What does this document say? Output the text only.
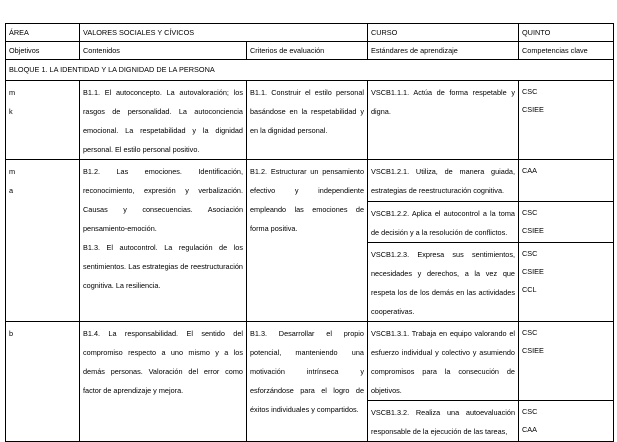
ÁREA	VALORES SOCIALES Y CÍVICOS		CURSO	QUINTO
Objetivos	Contenidos	Criterios de evaluación	Estándares de aprendizaje	Competencias clave
BLOQUE 1. LA IDENTIDAD Y LA DIGNIDAD DE LA PERSONA				

m
k	B1.1. El autoconcepto. La autovaloración; los rasgos de personalidad. La autoconciencia emocional. La respetabilidad y la dignidad personal. El estilo personal positivo.	B1.1. Construir el estilo personal basándose en la respetabilidad y en la dignidad personal.	VSCB1.1.1. Actúa de forma respetable y digna.	CSC
CSIEE

m
a	B1.2. Las emociones. Identificación, reconocimiento, expresión y verbalización. Causas y consecuencias. Asociación pensamiento-emoción.
B1.3. El autocontrol. La regulación de los sentimientos. Las estrategias de reestructuración cognitiva. La resiliencia.	B1.2. Estructurar un pensamiento efectivo y independiente empleando las emociones de forma positiva.	VSCB1.2.1. Utiliza, de manera guiada, estrategias de reestructuración cognitiva.	CAA

			VSCB1.2.2. Aplica el autocontrol a la toma de decisión y a la resolución de conflictos.	CSC
CSIEE

			VSCB1.2.3. Expresa sus sentimientos, necesidades y derechos, a la vez que respeta los de los demás en las actividades cooperativas.	CSC
CSIEE
CCL

b	B1.4. La responsabilidad. El sentido del compromiso respecto a uno mismo y a los demás personas. Valoración del error como factor de aprendizaje y mejora.	B1.3. Desarrollar el propio potencial, manteniendo una motivación intrínseca y esforzándose para el logro de éxitos individuales y compartidos.	VSCB1.3.1. Trabaja en equipo valorando el esfuerzo individual y colectivo y asumiendo compromisos para la consecución de objetivos.	CSC
CSIEE

			VSCB1.3.2. Realiza una autoevaluación responsable de la ejecución de las tareas,	CSC
CAA
